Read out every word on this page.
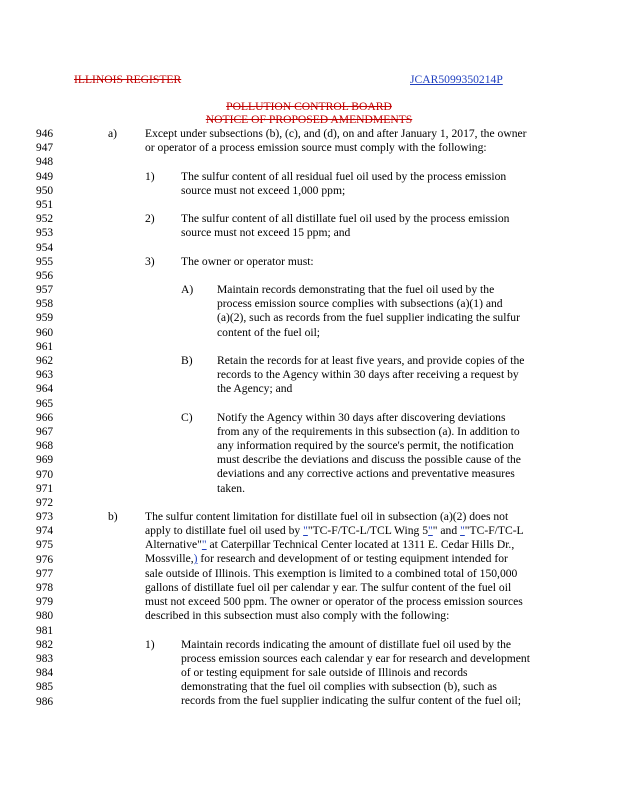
ILLINOIS REGISTER	JCAR5099350214P
POLLUTION CONTROL BOARD
NOTICE OF PROPOSED AMENDMENTS
946
947
948
949
950
951
952
953
954
955
956
957
958
959
960
961
962
963
964
965
966
967
968
969
970
971
972
973
974
975
976
977
978
979
980
981
982
983
984
985
986
a) Except under subsections (b), (c), and (d), on and after January 1, 2017, the owner
or operator of a process emission source must comply with the following:
1) The sulfur content of all residual fuel oil used by the process emission
source must not exceed 1,000 ppm;
2) The sulfur content of all distillate fuel oil used by the process emission
source must not exceed 15 ppm; and
3) The owner or operator must:
A) Maintain records demonstrating that the fuel oil used by the
process emission source complies with subsections (a)(1) and
(a)(2), such as records from the fuel supplier indicating the sulfur
content of the fuel oil;
B) Retain the records for at least five years, and provide copies of the
records to the Agency within 30 days after receiving a request by
the Agency; and
C) Notify the Agency within 30 days after discovering deviations
from any of the requirements in this subsection (a). In addition to
any information required by the source's permit, the notification
must describe the deviations and discuss the possible cause of the
deviations and any corrective actions and preventative measures
taken.
b) The sulfur content limitation for distillate fuel oil in subsection (a)(2) does not
apply to distillate fuel oil used by ""TC-F/TC-L/TCL Wing 5"" and ""TC-F/TC-L
Alternative"" at Caterpillar Technical Center located at 1311 E. Cedar Hills Dr.,
Mossville,) for research and development of or testing equipment intended for
sale outside of Illinois. This exemption is limited to a combined total of 150,000
gallons of distillate fuel oil per calendar y ear. The sulfur content of the fuel oil
must not exceed 500 ppm. The owner or operator of the process emission sources
described in this subsection must also comply with the following:
1) Maintain records indicating the amount of distillate fuel oil used by the
process emission sources each calendar y ear for research and development
of or testing equipment for sale outside of Illinois and records
demonstrating that the fuel oil complies with subsection (b), such as
records from the fuel supplier indicating the sulfur content of the fuel oil;
